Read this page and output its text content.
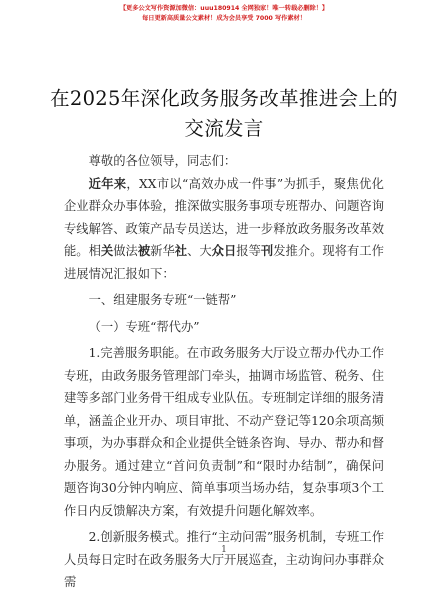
【更多公文写作资源加微信：uuu180914 全网独家！唯一转载必删除！】
每日更新高质量公文素材！成为会员享受 7000 写作素材！
在2025年深化政务服务改革推进会上的交流发言

尊敬的各位领导，同志们：

近年来，XX市以“高效办成一件事”为抓手，聚焦优化企业群众办事体验，推深做实服务事项专班帮办、问题咨询专线解答、政策产品专员送达，进一步释放政务服务改革效能。相关做法被新华社、大众日报等刊发推介。现将有工作进展情况汇报如下：

一、组建服务专班“一链帮”

（一）专班“帮代办”

1.完善服务职能。在市政务服务大厅设立帮办代办工作专班，由政务服务管理部门牵头，抽调市场监管、税务、住建等多部门业务骨干组成专业队伍。专班制定详细的服务清单，涵盖企业开办、项目审批、不动产登记等120余项高频事项，为办事群众和企业提供全链条咨询、导办、帮办和督办服务。通过建立“首问负责制”和“限时办结制”，确保问题咨询30分钟内响应、简单事项当场办结，复杂事项3个工作日内反馈解决方案，有效提升问题化解效率。

2.创新服务模式。推行“主动问需”服务机制，专班工作人员每日定时在政务服务大厅开展巡查，主动询问办事群众需

1
